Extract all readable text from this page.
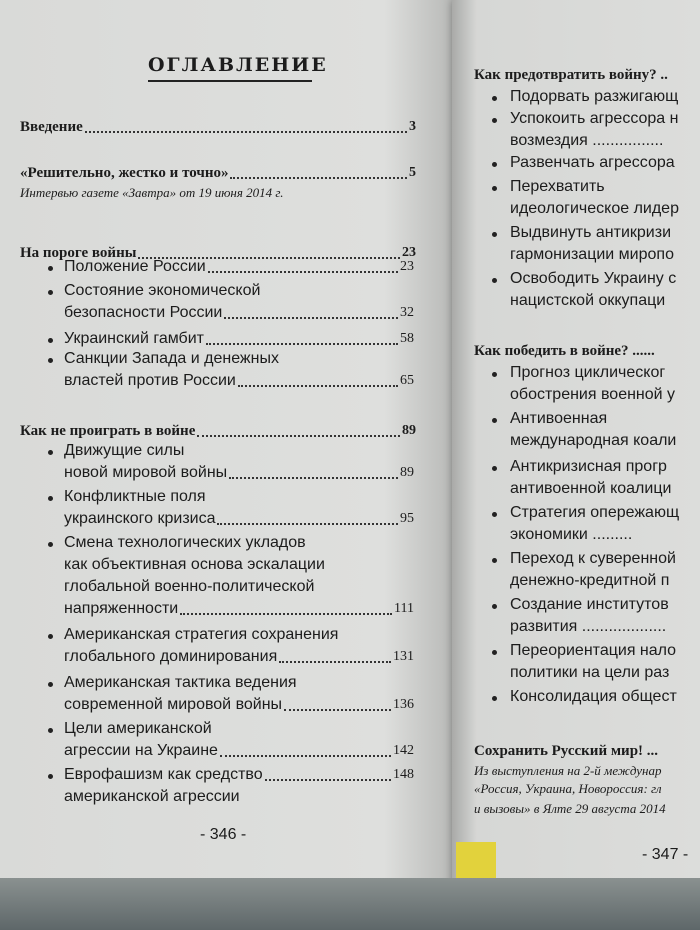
ОГЛАВЛЕНИЕ
Введение	3
«Решительно, жестко и точно»	5
Интервью газете «Завтра» от 19 июня 2014 г.
На пороге войны	23
Положение России	23
Состояние экономической
безопасности России	32
Украинский гамбит	58
Санкции Запада и денежных
властей против России	65
Как не проиграть в войне	89
Движущие силы
новой мировой войны	89
Конфликтные поля
украинского кризиса	95
Смена технологических укладов
как объективная основа эскалации
глобальной военно-политической
напряженности	111
Американская стратегия сохранения
глобального доминирования	131
Американская тактика ведения
современной мировой войны	136
Цели американской
агрессии на Украине	142
Еврофашизм как средство	148
американской агрессии
Как предотвратить войну? ..
Подорвать разжигающ
Успокоить агрессора н
возмездия ................
Развенчать агрессора
Перехватить
идеологическое лидер
Выдвинуть антикризи
гармонизации миропо
Освободить Украину с
нацистской оккупаци
Как победить в войне? ......
Прогноз циклическог
обострения военной у
Антивоенная
международная коали
Антикризисная прогр
антивоенной коалици
Стратегия опережающ
экономики .........
Переход к суверенной
денежно-кредитной п
Создание институтов
развития ...................
Переориентация нало
политики на цели раз
Консолидация общест
Сохранить Русский мир! ...
Из выступления на 2-й междунар
«Россия, Украина, Новороссия: гл
и вызовы» в Ялте 29 августа 2014
- 346 -
- 347 -
